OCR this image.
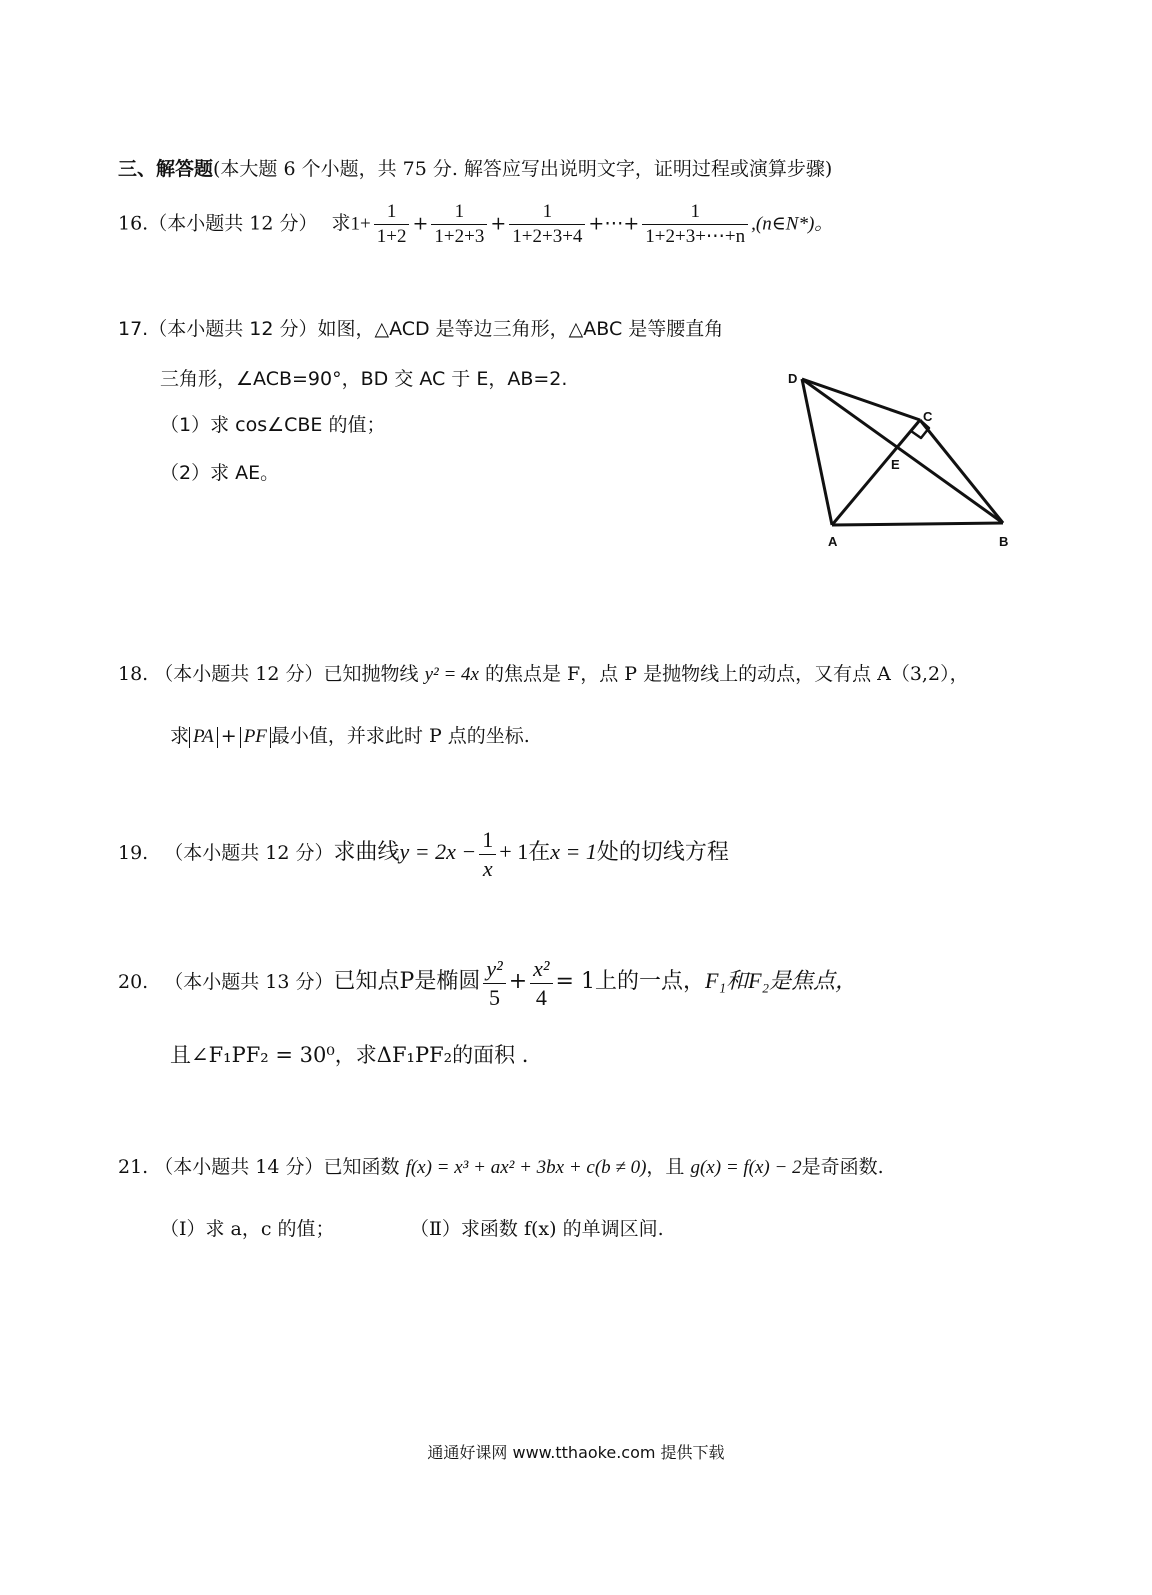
三、解答题(本大题 6 个小题，共 75 分. 解答应写出说明文字，证明过程或演算步骤)
16.（本小题共 12 分） 求$1+ \frac{1}{1+2} + \frac{1}{1+2+3} + \frac{1}{1+2+3+4}$ +⋯+ $\frac{1}{1+2+3+\cdots+n}$ ,(n∈N*)。
17.（本小题共 12 分）如图，△ACD 是等边三角形，△ABC 是等腰直角
三角形，∠ACB=90°，BD 交 AC 于 E，AB=2.
（1）求 cos∠CBE 的值；
（2）求 AE。
D
C
E
A	B
18. （本小题共 12 分）已知抛物线 y² = 4x 的焦点是 F，点 P 是抛物线上的动点，又有点 A（3,2），
求 PA + PF 最小值，并求此时 P 点的坐标.
19. （本小题共 12 分）求曲线$y = 2x - \frac{1}{x} + 1$在x = 1处的切线方程
20. （本小题共 13 分）已知点P是椭圆 $\frac{\text{y²}}{5} + \frac{\text{x²}}{4} = 1$上的一点，F₁和F₂是焦点，
且∠F₁PF₂ = 30⁰，求ΔF₁PF₂的面积 .
21. （本小题共 14 分）已知函数 f(x) = x³ + ax² + 3bx + c(b ≠ 0)，且 g(x) = f(x) − 2是奇函数.
（Ⅰ）求 a，c 的值；	（Ⅱ）求函数 f(x) 的单调区间.
通通好课网 www.tthaoke.com 提供下载
